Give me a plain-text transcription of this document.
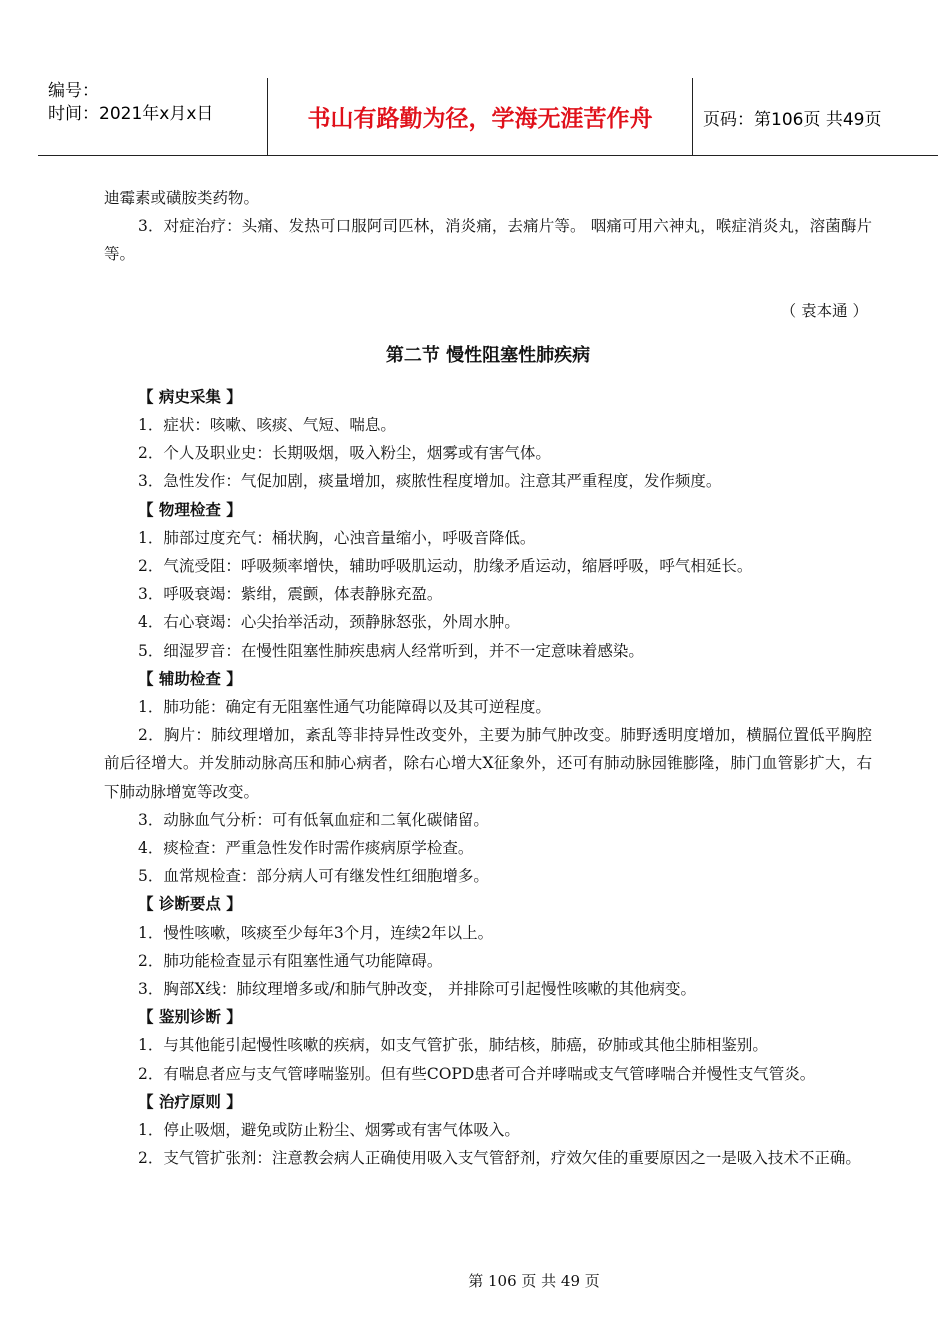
编号：
时间：2021年x月x日	书山有路勤为径，学海无涯苦作舟	页码：第106页 共49页

迪霉素或磺胺类药物。

3．对症治疗：头痛、发热可口服阿司匹林，消炎痛，去痛片等。 咽痛可用六神丸，喉症消炎丸，溶菌酶片等。

（ 袁本通 ）

第二节 慢性阻塞性肺疾病

【 病史采集 】

1．症状：咳嗽、咳痰、气短、喘息。

2．个人及职业史：长期吸烟，吸入粉尘，烟雾或有害气体。

3．急性发作：气促加剧，痰量增加，痰脓性程度增加。注意其严重程度，发作频度。

【 物理检查 】

1．肺部过度充气：桶状胸，心浊音量缩小，呼吸音降低。

2．气流受阻：呼吸频率增快，辅助呼吸肌运动，肋缘矛盾运动，缩唇呼吸，呼气相延长。

3．呼吸衰竭：紫绀，震颤，体表静脉充盈。

4．右心衰竭：心尖抬举活动，颈静脉怒张，外周水肿。

5．细湿罗音：在慢性阻塞性肺疾患病人经常听到，并不一定意味着感染。

【 辅助检查 】

1．肺功能：确定有无阻塞性通气功能障碍以及其可逆程度。

2．胸片：肺纹理增加，紊乱等非持异性改变外，主要为肺气肿改变。肺野透明度增加，横膈位置低平胸腔前后径增大。并发肺动脉高压和肺心病者，除右心增大X征象外，还可有肺动脉园锥膨隆，肺门血管影扩大，右下肺动脉增宽等改变。

3．动脉血气分析：可有低氧血症和二氧化碳储留。

4．痰检查：严重急性发作时需作痰病原学检查。

5．血常规检查：部分病人可有继发性红细胞增多。

【 诊断要点 】

1．慢性咳嗽，咳痰至少每年3个月，连续2年以上。

2．肺功能检查显示有阻塞性通气功能障碍。

3．胸部X线：肺纹理增多或/和肺气肿改变， 并排除可引起慢性咳嗽的其他病变。

【 鉴别诊断 】

1．与其他能引起慢性咳嗽的疾病，如支气管扩张，肺结核，肺癌，矽肺或其他尘肺相鉴别。

2．有喘息者应与支气管哮喘鉴别。但有些COPD患者可合并哮喘或支气管哮喘合并慢性支气管炎。

【 治疗原则 】

1．停止吸烟，避免或防止粉尘、烟雾或有害气体吸入。

2．支气管扩张剂：注意教会病人正确使用吸入支气管舒剂，疗效欠佳的重要原因之一是吸入技术不正确。

第 106 页 共 49 页
